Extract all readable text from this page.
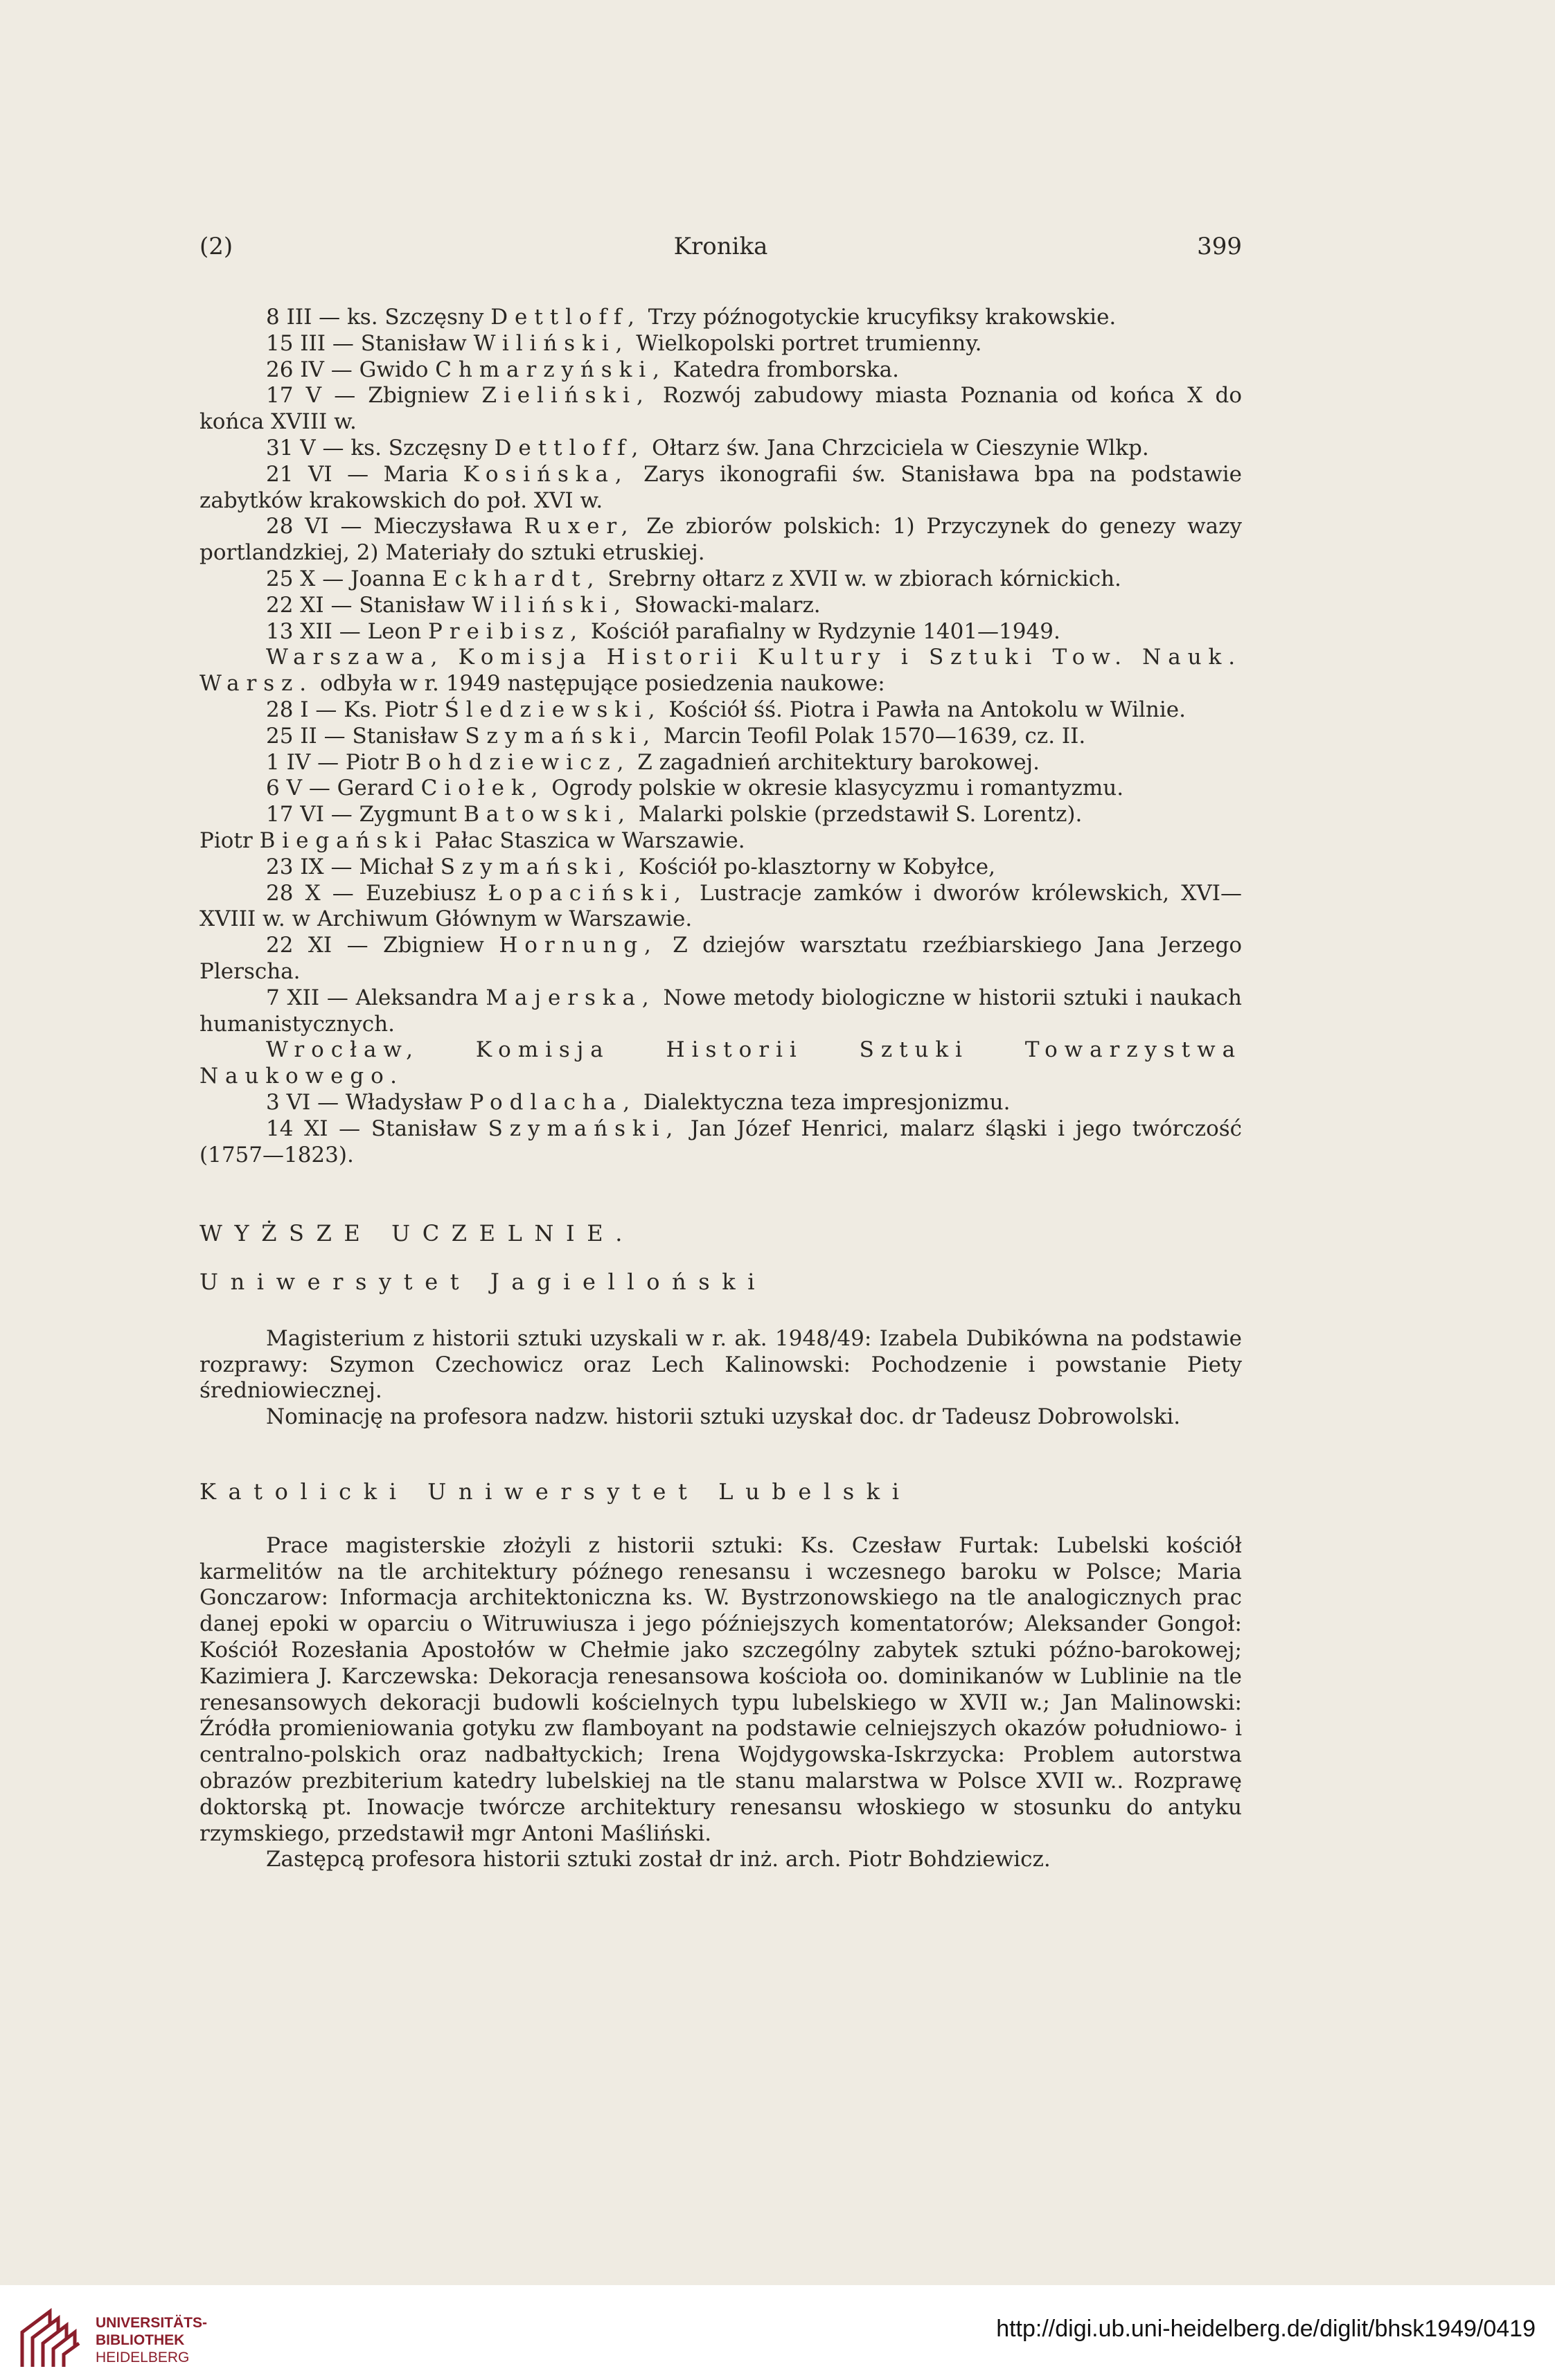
(2)	Kronika	399

8 III — ks. Szczęsny Dettloff, Trzy późnogotyckie krucyfiksy krakowskie.

15 III — Stanisław Wiliński, Wielkopolski portret trumienny.

26 IV — Gwido Chmarzyński, Katedra fromborska.

17 V — Zbigniew Zieliński, Rozwój zabudowy miasta Poznania od końca X do końca XVIII w.

31 V — ks. Szczęsny Dettloff, Ołtarz św. Jana Chrzciciela w Cieszynie Wlkp.

21 VI — Maria Kosińska, Zarys ikonografii św. Stanisława bpa na podstawie zabytków krakowskich do poł. XVI w.

28 VI — Mieczysława Ruxer, Ze zbiorów polskich: 1) Przyczynek do genezy wazy portlandzkiej, 2) Materiały do sztuki etruskiej.

25 X — Joanna Eckhardt, Srebrny ołtarz z XVII w. w zbiorach kórnickich.

22 XI — Stanisław Wiliński, Słowacki-malarz.

13 XII — Leon Preibisz, Kościół parafialny w Rydzynie 1401—1949.

Warszawa, Komisja Historii Kultury i Sztuki Tow. Nauk. Warsz. odbyła w r. 1949 następujące posiedzenia naukowe:

28 I — Ks. Piotr Śledziewski, Kościół śś. Piotra i Pawła na Antokolu w Wilnie.

25 II — Stanisław Szymański, Marcin Teofil Polak 1570—1639, cz. II.

1 IV — Piotr Bohdziewicz, Z zagadnień architektury barokowej.

6 V — Gerard Ciołek, Ogrody polskie w okresie klasycyzmu i romantyzmu.

17 VI — Zygmunt Batowski, Malarki polskie (przedstawił S. Lorentz).

Piotr Biegański Pałac Staszica w Warszawie.

23 IX — Michał Szymański, Kościół po-klasztorny w Kobyłce,

28 X — Euzebiusz Łopaciński, Lustracje zamków i dworów królewskich, XVI—XVIII w. w Archiwum Głównym w Warszawie.

22 XI — Zbigniew Hornung, Z dziejów warsztatu rzeźbiarskiego Jana Jerzego Plerscha.

7 XII — Aleksandra Majerska, Nowe metody biologiczne w historii sztuki i naukach humanistycznych.

Wrocław, Komisja Historii Sztuki Towarzystwa Naukowego.

3 VI — Władysław Podlacha, Dialektyczna teza impresjonizmu.

14 XI — Stanisław Szymański, Jan Józef Henrici, malarz śląski i jego twórczość (1757—1823).

WYŻSZE UCZELNIE.

Uniwersytet Jagielloński

Magisterium z historii sztuki uzyskali w r. ak. 1948/49: Izabela Dubikówna na podstawie rozprawy: Szymon Czechowicz oraz Lech Kalinowski: Pochodzenie i powstanie Piety średniowiecznej.

Nominację na profesora nadzw. historii sztuki uzyskał doc. dr Tadeusz Dobrowolski.

Katolicki Uniwersytet Lubelski

Prace magisterskie złożyli z historii sztuki: Ks. Czesław Furtak: Lubelski kościół karmelitów na tle architektury późnego renesansu i wczesnego baroku w Polsce; Maria Gonczarow: Informacja architektoniczna ks. W. Bystrzonowskiego na tle analogicznych prac danej epoki w oparciu o Witruwiusza i jego późniejszych komentatorów; Aleksander Gongoł: Kościół Rozesłania Apostołów w Chełmie jako szczególny zabytek sztuki późno-barokowej; Kazimiera J. Karczewska: Dekoracja renesansowa kościoła oo. dominikanów w Lublinie na tle renesansowych dekoracji budowli kościelnych typu lubelskiego w XVII w.; Jan Malinowski: Źródła promieniowania gotyku zw flamboyant na podstawie celniejszych okazów południowo- i centralno-polskich oraz nadbałtyckich; Irena Wojdygowska-Iskrzycka: Problem autorstwa obrazów prezbiterium katedry lubelskiej na tle stanu malarstwa w Polsce XVII w.. Rozprawę doktorską pt. Inowacje twórcze architektury renesansu włoskiego w stosunku do antyku rzymskiego, przedstawił mgr Antoni Maśliński.

Zastępcą profesora historii sztuki został dr inż. arch. Piotr Bohdziewicz.

UNIVERSITÄTS-
BIBLIOTHEK
HEIDELBERG
http://digi.ub.uni-heidelberg.de/diglit/bhsk1949/0419
